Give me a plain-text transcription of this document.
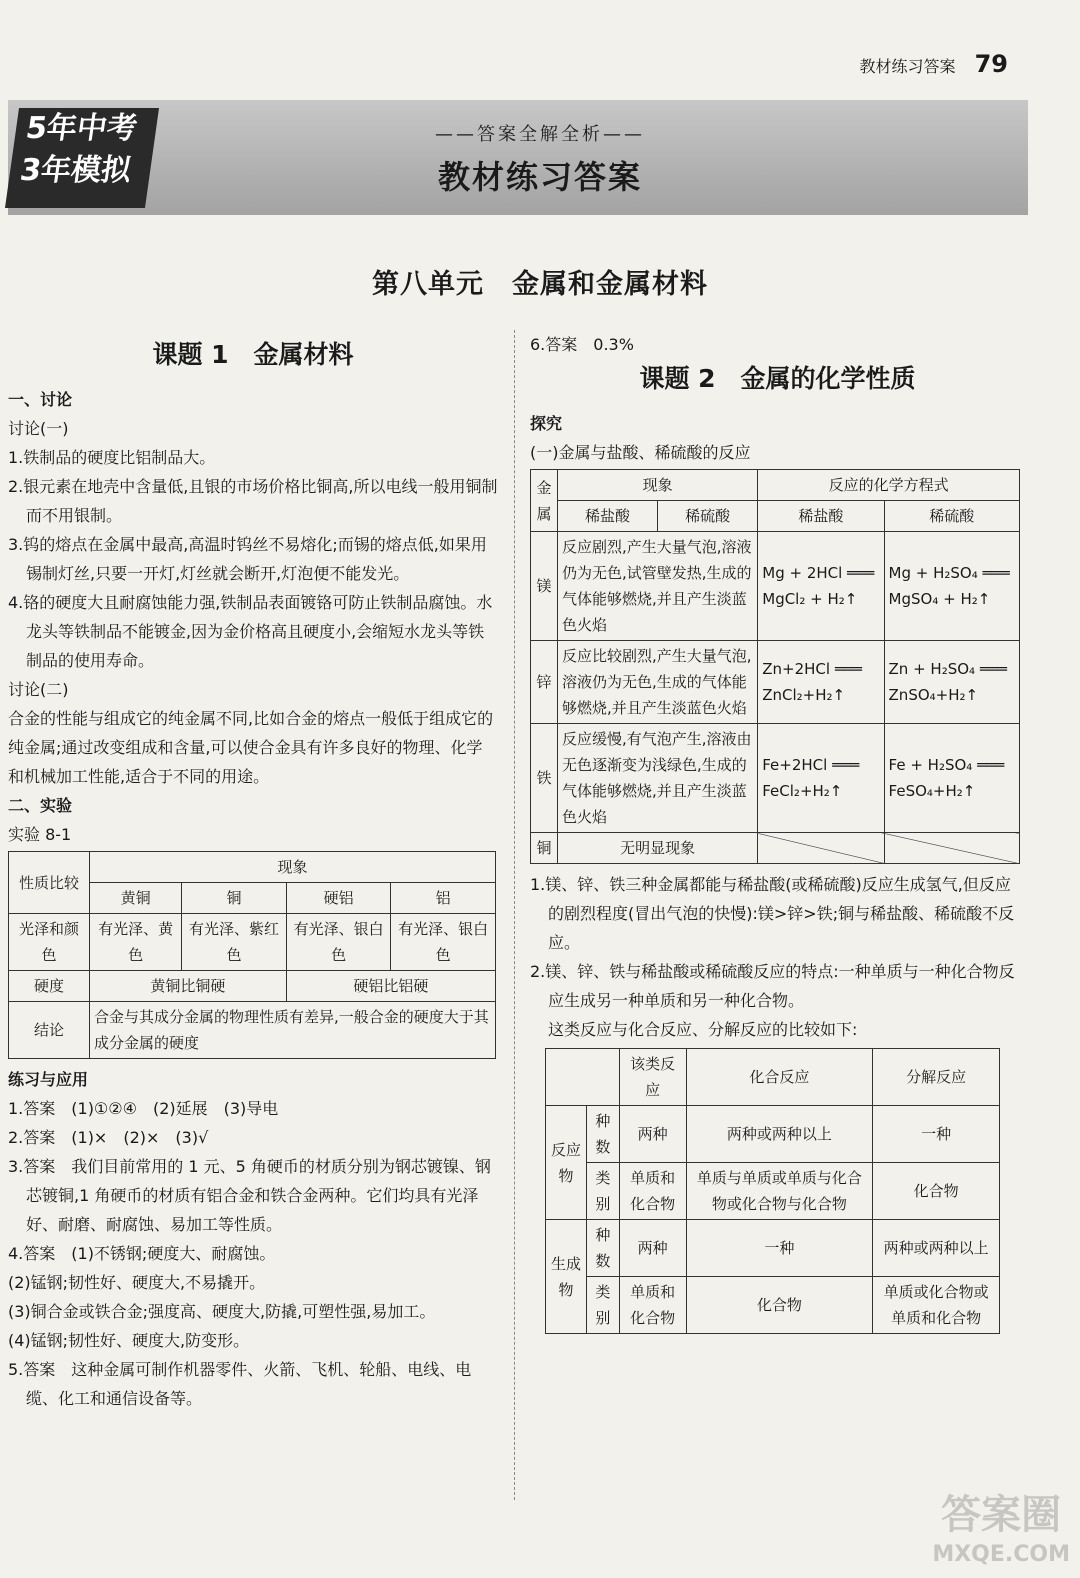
教材练习答案 79
5年中考
3年模拟
——答案全解全析——
教材练习答案
第八单元　金属和金属材料
课题 1　金属材料

一、讨论

讨论(一)

1.铁制品的硬度比铝制品大。

2.银元素在地壳中含量低,且银的市场价格比铜高,所以电线一般用铜制而不用银制。

3.钨的熔点在金属中最高,高温时钨丝不易熔化;而锡的熔点低,如果用锡制灯丝,只要一开灯,灯丝就会断开,灯泡便不能发光。

4.铬的硬度大且耐腐蚀能力强,铁制品表面镀铬可防止铁制品腐蚀。水龙头等铁制品不能镀金,因为金价格高且硬度小,会缩短水龙头等铁制品的使用寿命。

讨论(二)

合金的性能与组成它的纯金属不同,比如合金的熔点一般低于组成它的纯金属;通过改变组成和含量,可以使合金具有许多良好的物理、化学和机械加工性能,适合于不同的用途。

二、实验

实验 8-1

性质比较	现象			
	黄铜	铜	硬铝	铝
光泽和颜色	有光泽、黄色	有光泽、紫红色	有光泽、银白色	有光泽、银白色
硬度	黄铜比铜硬		硬铝比铝硬	
结论	合金与其成分金属的物理性质有差异,一般合金的硬度大于其成分金属的硬度			

练习与应用

1.答案　(1)①②④　(2)延展　(3)导电

2.答案　(1)×　(2)×　(3)√

3.答案　我们目前常用的 1 元、5 角硬币的材质分别为钢芯镀镍、钢芯镀铜,1 角硬币的材质有铝合金和铁合金两种。它们均具有光泽好、耐磨、耐腐蚀、易加工等性质。

4.答案　(1)不锈钢;硬度大、耐腐蚀。

(2)锰钢;韧性好、硬度大,不易撬开。

(3)铜合金或铁合金;强度高、硬度大,防撬,可塑性强,易加工。

(4)锰钢;韧性好、硬度大,防变形。

5.答案　这种金属可制作机器零件、火箭、飞机、轮船、电线、电缆、化工和通信设备等。

6.答案　0.3%

课题 2　金属的化学性质

探究

(一)金属与盐酸、稀硫酸的反应

金属	现象		反应的化学方程式	
	稀盐酸	稀硫酸	稀盐酸	稀硫酸
镁	反应剧烈,产生大量气泡,溶液仍为无色,试管壁发热,生成的气体能够燃烧,并且产生淡蓝色火焰		Mg + 2HCl ═══ MgCl₂ + H₂↑	Mg + H₂SO₄ ═══ MgSO₄ + H₂↑
锌	反应比较剧烈,产生大量气泡,溶液仍为无色,生成的气体能够燃烧,并且产生淡蓝色火焰		Zn+2HCl ═══ ZnCl₂+H₂↑	Zn + H₂SO₄ ═══ ZnSO₄+H₂↑
铁	反应缓慢,有气泡产生,溶液由无色逐渐变为浅绿色,生成的气体能够燃烧,并且产生淡蓝色火焰		Fe+2HCl ═══ FeCl₂+H₂↑	Fe + H₂SO₄ ═══ FeSO₄+H₂↑
铜	无明显现象			

1.镁、锌、铁三种金属都能与稀盐酸(或稀硫酸)反应生成氢气,但反应的剧烈程度(冒出气泡的快慢):镁>锌>铁;铜与稀盐酸、稀硫酸不反应。

2.镁、锌、铁与稀盐酸或稀硫酸反应的特点:一种单质与一种化合物反应生成另一种单质和另一种化合物。

这类反应与化合反应、分解反应的比较如下:

		该类反应	化合反应	分解反应
反应物	种数	两种	两种或两种以上	一种
	类别	单质和化合物	单质与单质或单质与化合物或化合物与化合物	化合物
生成物	种数	两种	一种	两种或两种以上
	类别	单质和化合物	化合物	单质或化合物或单质和化合物
答案圈
MXQE.COM
